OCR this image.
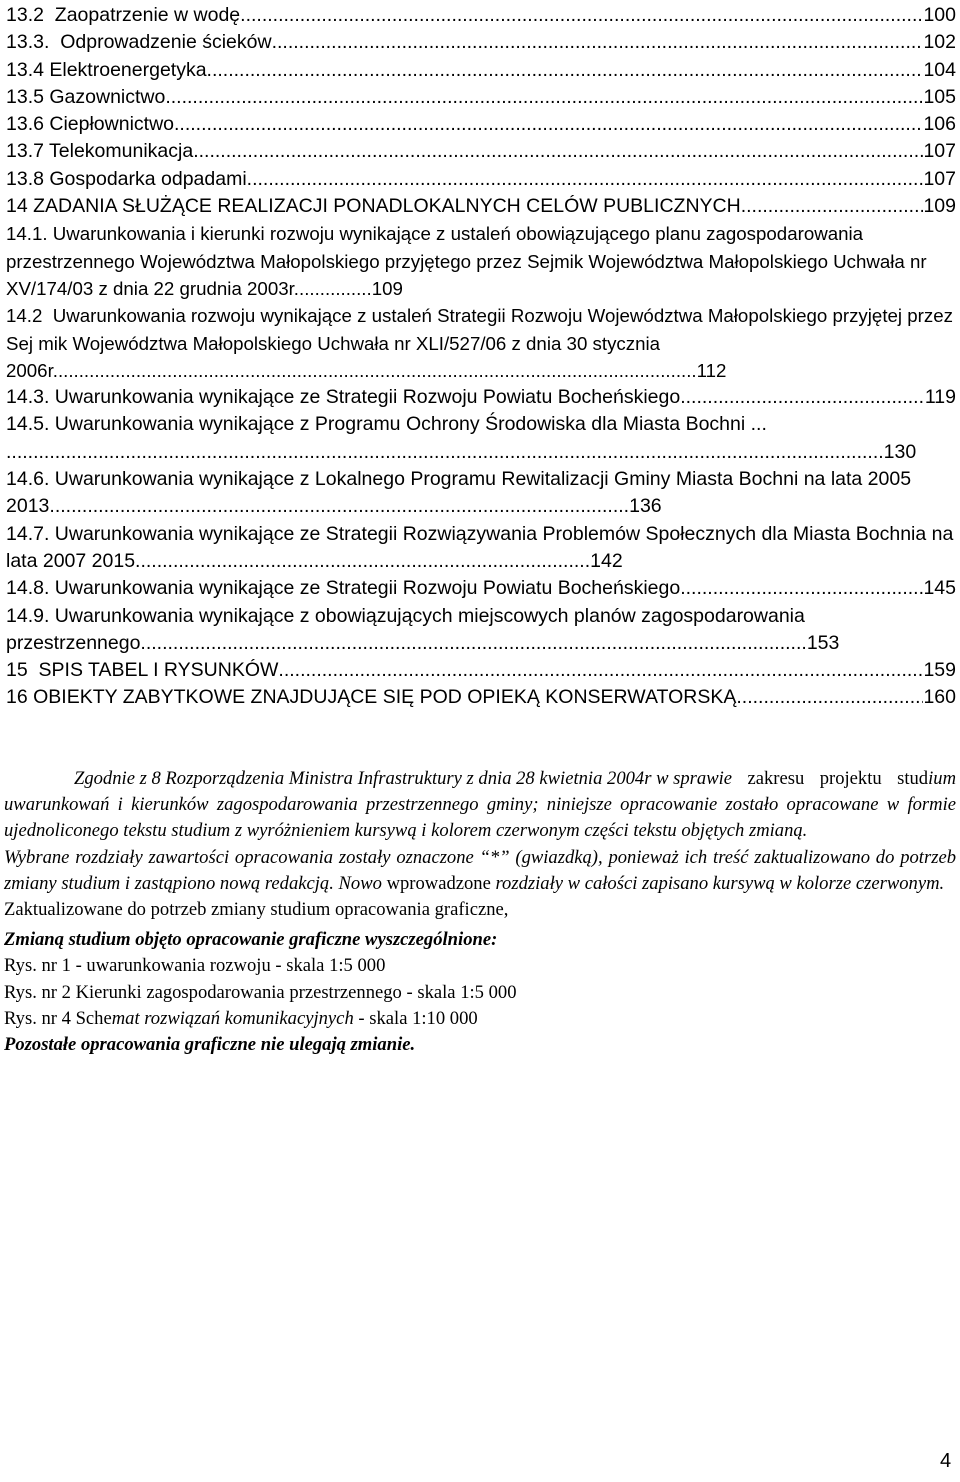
13.2 Zaopatrzenie w wodę .....	100
13.3. Odprowadzenie ścieków .....	102
13.4 Elektroenergetyka .....	104
13.5 Gazownictwo .....	105
13.6 Ciepłownictwo .....	106
13.7 Telekomunikacja .....	107
13.8 Gospodarka odpadami .....	107
14 ZADANIA SŁUŻĄCE REALIZACJI PONADLOKALNYCH CELÓW PUBLICZNYCH .....	109
14.1. Uwarunkowania i kierunki rozwoju wynikające z ustaleń obowiązującego planu zagospodarowania przestrzennego Województwa Małopolskiego przyjętego przez Sejmik Województwa Małopolskiego Uchwała nr XV/174/03 z dnia 22 grudnia 2003r...............109
14.2 Uwarunkowania rozwoju wynikające z ustaleń Strategii Rozwoju Województwa Małopolskiego przyjętej przez Sej mik Województwa Małopolskiego Uchwała nr XLI/527/06 z dnia 30 stycznia 2006r............................................................................................................................112
14.3. Uwarunkowania wynikające ze Strategii Rozwoju Powiatu Bocheńskiego. .....	119
14.5. Uwarunkowania wynikające z Programu Ochrony Środowiska dla Miasta Bochni ... ..................................................................................................................................................................130
14.6. Uwarunkowania wynikające z Lokalnego Programu Rewitalizacji Gminy Miasta Bochni na lata 2005 2013...........................................................................................................136
14.7. Uwarunkowania wynikające ze Strategii Rozwiązywania Problemów Społecznych dla Miasta Bochnia na lata 2007 2015....................................................................................142
14.8. Uwarunkowania wynikające ze Strategii Rozwoju Powiatu Bocheńskiego. .....	145
14.9. Uwarunkowania wynikające z obowiązujących miejscowych planów zagospodarowania przestrzennego...........................................................................................................................153
15 SPIS TABEL I RYSUNKÓW .....	159
16 OBIEKTY ZABYTKOWE ZNAJDUJĄCE SIĘ POD OPIEKĄ KONSERWATORSKĄ .....	160

Zgodnie z 8 Rozporządzenia Ministra Infrastruktury z dnia 28 kwietnia 2004r w sprawie zakresu projektu studium uwarunkowań i kierunków zagospodarowania przestrzennego gminy; niniejsze opracowanie zostało opracowane w formie ujednoliconego tekstu studium z wyróżnieniem kursywą i kolorem czerwonym części tekstu objętych zmianą.

Wybrane rozdziały zawartości opracowania zostały oznaczone “*” (gwiazdką), ponieważ ich treść zaktualizowano do potrzeb zmiany studium i zastąpiono nową redakcją. Nowo wprowadzone rozdziały w całości zapisano kursywą w kolorze czerwonym.

Zaktualizowane do potrzeb zmiany studium opracowania graficzne,

Zmianą studium objęto opracowanie graficzne wyszczególnione:

Rys. nr 1 - uwarunkowania rozwoju - skala 1:5 000

Rys. nr 2 Kierunki zagospodarowania przestrzennego - skala 1:5 000

Rys. nr 4 Schemat rozwiązań komunikacyjnych - skala 1:10 000

Pozostałe opracowania graficzne nie ulegają zmianie.

4
